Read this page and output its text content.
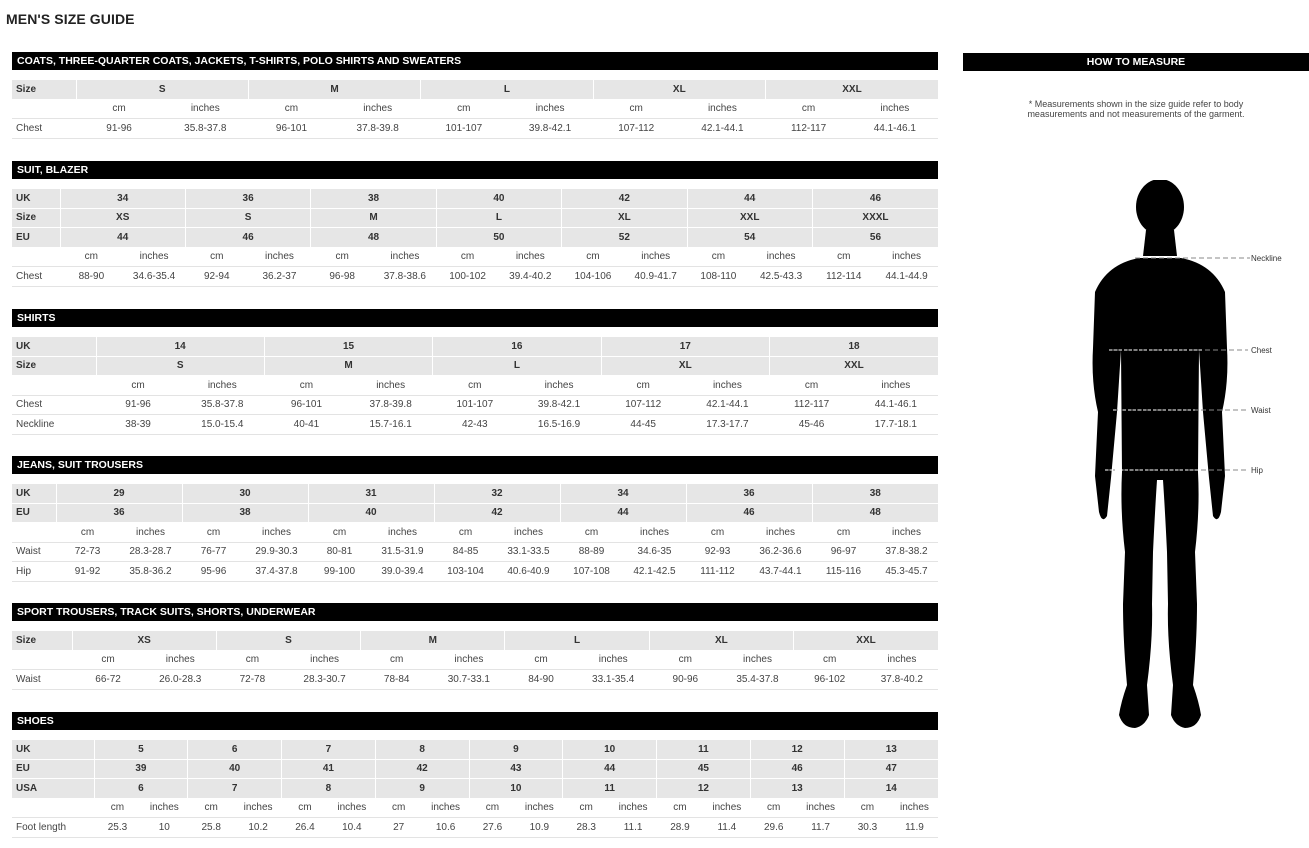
MEN'S SIZE GUIDE
COATS, THREE-QUARTER COATS, JACKETS, T-SHIRTS, POLO SHIRTS AND SWEATERS
Size	S		M		L		XL		XXL	
	cm	inches	cm	inches	cm	inches	cm	inches	cm	inches
Chest	91-96	35.8-37.8	96-101	37.8-39.8	101-107	39.8-42.1	107-112	42.1-44.1	112-117	44.1-46.1
SUIT, BLAZER
UK	34		36		38		40		42		44		46	
Size	XS		S		M		L		XL		XXL		XXXL	
EU	44		46		48		50		52		54		56	
	cm	inches	cm	inches	cm	inches	cm	inches	cm	inches	cm	inches	cm	inches
Chest	88-90	34.6-35.4	92-94	36.2-37	96-98	37.8-38.6	100-102	39.4-40.2	104-106	40.9-41.7	108-110	42.5-43.3	112-114	44.1-44.9
SHIRTS
UK	14		15		16		17		18	
Size	S		M		L		XL		XXL	
	cm	inches	cm	inches	cm	inches	cm	inches	cm	inches
Chest	91-96	35.8-37.8	96-101	37.8-39.8	101-107	39.8-42.1	107-112	42.1-44.1	112-117	44.1-46.1
Neckline	38-39	15.0-15.4	40-41	15.7-16.1	42-43	16.5-16.9	44-45	17.3-17.7	45-46	17.7-18.1
JEANS, SUIT TROUSERS
UK	29		30		31		32		34		36		38	
EU	36		38		40		42		44		46		48	
	cm	inches	cm	inches	cm	inches	cm	inches	cm	inches	cm	inches	cm	inches
Waist	72-73	28.3-28.7	76-77	29.9-30.3	80-81	31.5-31.9	84-85	33.1-33.5	88-89	34.6-35	92-93	36.2-36.6	96-97	37.8-38.2
Hip	91-92	35.8-36.2	95-96	37.4-37.8	99-100	39.0-39.4	103-104	40.6-40.9	107-108	42.1-42.5	111-112	43.7-44.1	115-116	45.3-45.7
SPORT TROUSERS, TRACK SUITS, SHORTS, UNDERWEAR
Size	XS		S		M		L		XL		XXL	
	cm	inches	cm	inches	cm	inches	cm	inches	cm	inches	cm	inches
Waist	66-72	26.0-28.3	72-78	28.3-30.7	78-84	30.7-33.1	84-90	33.1-35.4	90-96	35.4-37.8	96-102	37.8-40.2
SHOES
UK	5		6		7		8		9		10		11		12		13	
EU	39		40		41		42		43		44		45		46		47	
USA	6		7		8		9		10		11		12		13		14	
	cm	inches	cm	inches	cm	inches	cm	inches	cm	inches	cm	inches	cm	inches	cm	inches	cm	inches
Foot length	25.3	10	25.8	10.2	26.4	10.4	27	10.6	27.6	10.9	28.3	11.1	28.9	11.4	29.6	11.7	30.3	11.9
HOW TO MEASURE
* Measurements shown in the size guide refer to body measurements and not measurements of the garment.
Neckline
Chest
Waist
Hip
